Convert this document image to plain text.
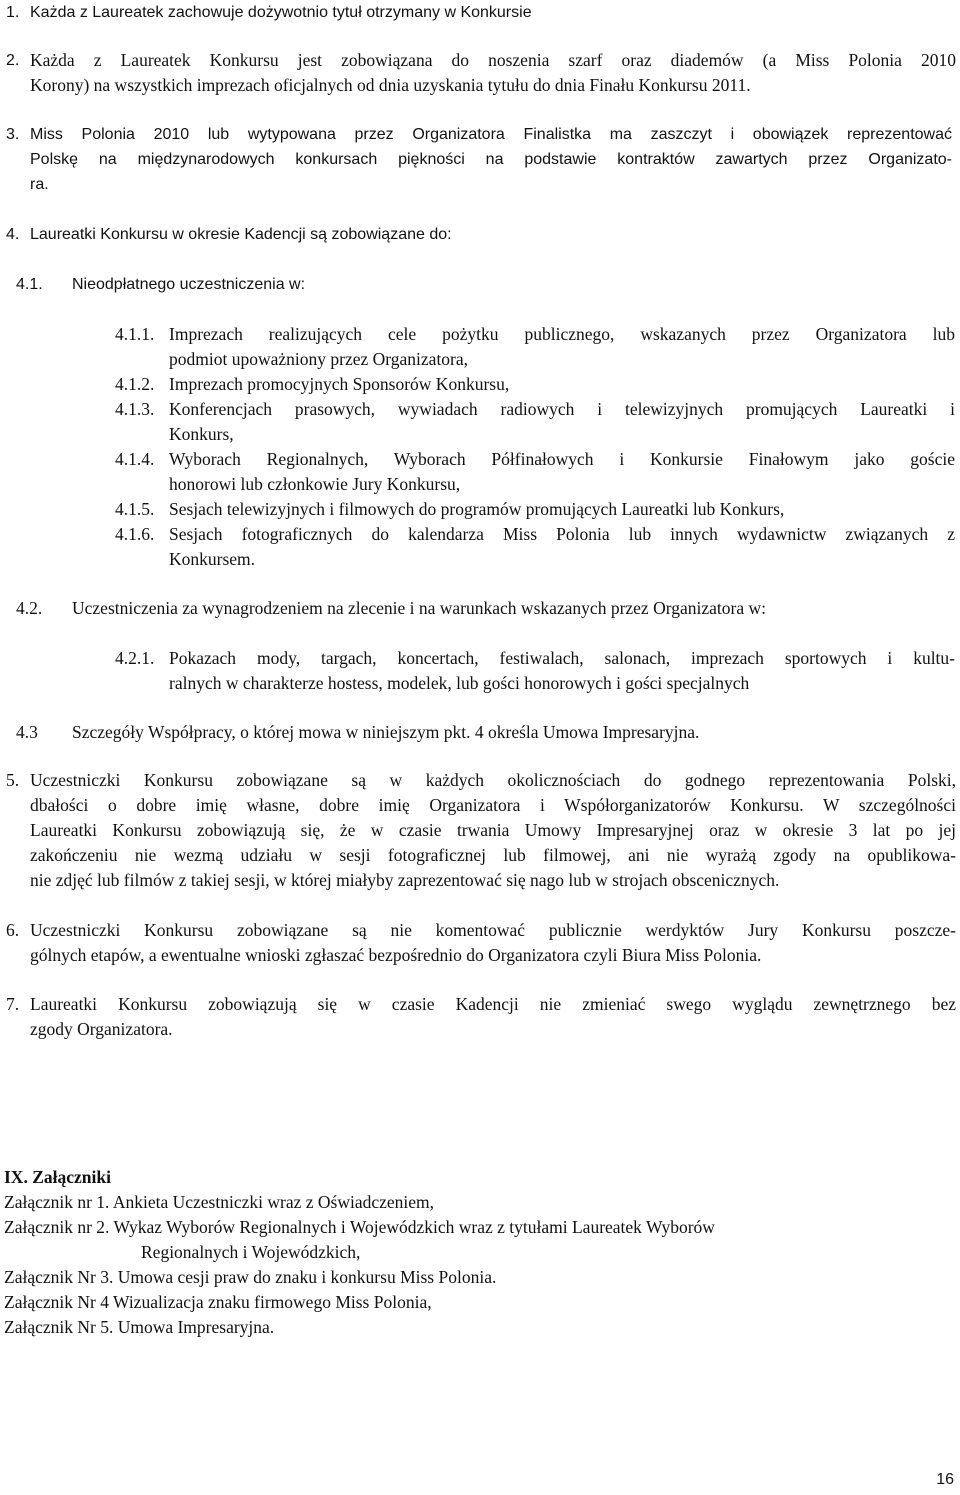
1. Każda z Laureatek zachowuje dożywotnio tytuł otrzymany w Konkursie
2. Każda z Laureatek Konkursu jest zobowiązana do noszenia szarf oraz diademów (a Miss Polonia 2010
Korony) na wszystkich imprezach oficjalnych od dnia uzyskania tytułu do dnia Finału Konkursu 2011.
3. Miss Polonia 2010 lub wytypowana przez Organizatora Finalistka ma zaszczyt i obowiązek reprezentować
Polskę na międzynarodowych konkursach piękności na podstawie kontraktów zawartych przez Organizato-
ra.
4. Laureatki Konkursu w okresie Kadencji są zobowiązane do:
4.1. Nieodpłatnego uczestniczenia w:
4.1.1. Imprezach realizujących cele pożytku publicznego, wskazanych przez Organizatora lub
podmiot upoważniony przez Organizatora,
4.1.2. Imprezach promocyjnych Sponsorów Konkursu,
4.1.3. Konferencjach prasowych, wywiadach radiowych i telewizyjnych promujących Laureatki i
Konkurs,
4.1.4. Wyborach Regionalnych, Wyborach Półfinałowych i Konkursie Finałowym jako goście
honorowi lub członkowie Jury Konkursu,
4.1.5. Sesjach telewizyjnych i filmowych do programów promujących Laureatki lub Konkurs,
4.1.6. Sesjach fotograficznych do kalendarza Miss Polonia lub innych wydawnictw związanych z
Konkursem.
4.2. Uczestniczenia za wynagrodzeniem na zlecenie i na warunkach wskazanych przez Organizatora w:
4.2.1. Pokazach mody, targach, koncertach, festiwalach, salonach, imprezach sportowych i kultu-
ralnych w charakterze hostess, modelek, lub gości honorowych i gości specjalnych
4.3 Szczegóły Współpracy, o której mowa w niniejszym pkt. 4 określa Umowa Impresaryjna.
5. Uczestniczki Konkursu zobowiązane są w każdych okolicznościach do godnego reprezentowania Polski,
dbałości o dobre imię własne, dobre imię Organizatora i Współorganizatorów Konkursu. W szczególności
Laureatki Konkursu zobowiązują się, że w czasie trwania Umowy Impresaryjnej oraz w okresie 3 lat po jej
zakończeniu nie wezmą udziału w sesji fotograficznej lub filmowej, ani nie wyrażą zgody na opublikowa-
nie zdjęć lub filmów z takiej sesji, w której miałyby zaprezentować się nago lub w strojach obscenicznych.
6. Uczestniczki Konkursu zobowiązane są nie komentować publicznie werdyktów Jury Konkursu poszcze-
gólnych etapów, a ewentualne wnioski zgłaszać bezpośrednio do Organizatora czyli Biura Miss Polonia.
7. Laureatki Konkursu zobowiązują się w czasie Kadencji nie zmieniać swego wyglądu zewnętrznego bez
zgody Organizatora.
IX. Załączniki
Załącznik nr 1. Ankieta Uczestniczki wraz z Oświadczeniem,
Załącznik nr 2. Wykaz Wyborów Regionalnych i Wojewódzkich wraz z tytułami Laureatek Wyborów
Regionalnych i Wojewódzkich,
Załącznik Nr 3. Umowa cesji praw do znaku i konkursu Miss Polonia.
Załącznik Nr 4 Wizualizacja znaku firmowego Miss Polonia,
Załącznik Nr 5. Umowa Impresaryjna.
16
